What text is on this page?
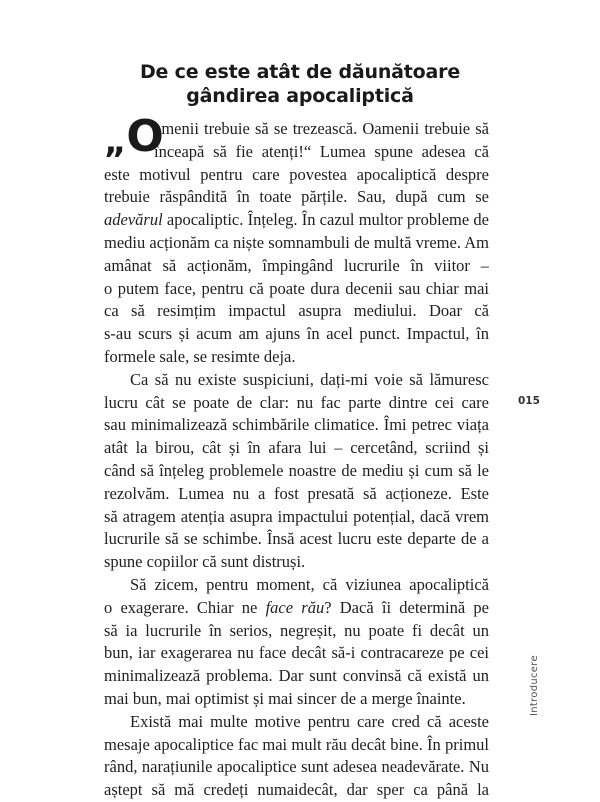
De ce este atât de dăunătoare
gândirea apocaliptică
„O
amenii trebuie să se trezească. Oamenii trebuie să
înceapă să fie atenți!“ Lumea spune adesea că
este motivul pentru care povestea apocaliptică despre
trebuie răspândită în toate părțile. Sau, după cum se
adevărul apocaliptic. Înțeleg. În cazul multor probleme de
mediu acționăm ca niște somnambuli de multă vreme. Am
amânat să acționăm, împingând lucrurile în viitor –
o putem face, pentru că poate dura decenii sau chiar mai
ca să resimțim impactul asupra mediului. Doar că
s-au scurs și acum am ajuns în acel punct. Impactul, în
formele sale, se resimte deja.
Ca să nu existe suspiciuni, dați-mi voie să lămuresc
lucru cât se poate de clar: nu fac parte dintre cei care
sau minimalizează schimbările climatice. Îmi petrec viața
atât la birou, cât și în afara lui – cercetând, scriind și
când să înțeleg problemele noastre de mediu și cum să le
rezolvăm. Lumea nu a fost presată să acționeze. Este
să atragem atenția asupra impactului potențial, dacă vrem
lucrurile să se schimbe. Însă acest lucru este departe de a
spune copiilor că sunt distruși.
Să zicem, pentru moment, că viziunea apocaliptică
o exagerare. Chiar ne face rău? Dacă îi determină pe
să ia lucrurile în serios, negreșit, nu poate fi decât un
bun, iar exagerarea nu face decât să-i contracareze pe cei
minimalizează problema. Dar sunt convinsă că există un
mai bun, mai optimist și mai sincer de a merge înainte.
Există mai multe motive pentru care cred că aceste
mesaje apocaliptice fac mai mult rău decât bine. În primul
rând, narațiunile apocaliptice sunt adesea neadevărate. Nu
aștept să mă credeți numaidecât, dar sper ca până la
015
Introducere
